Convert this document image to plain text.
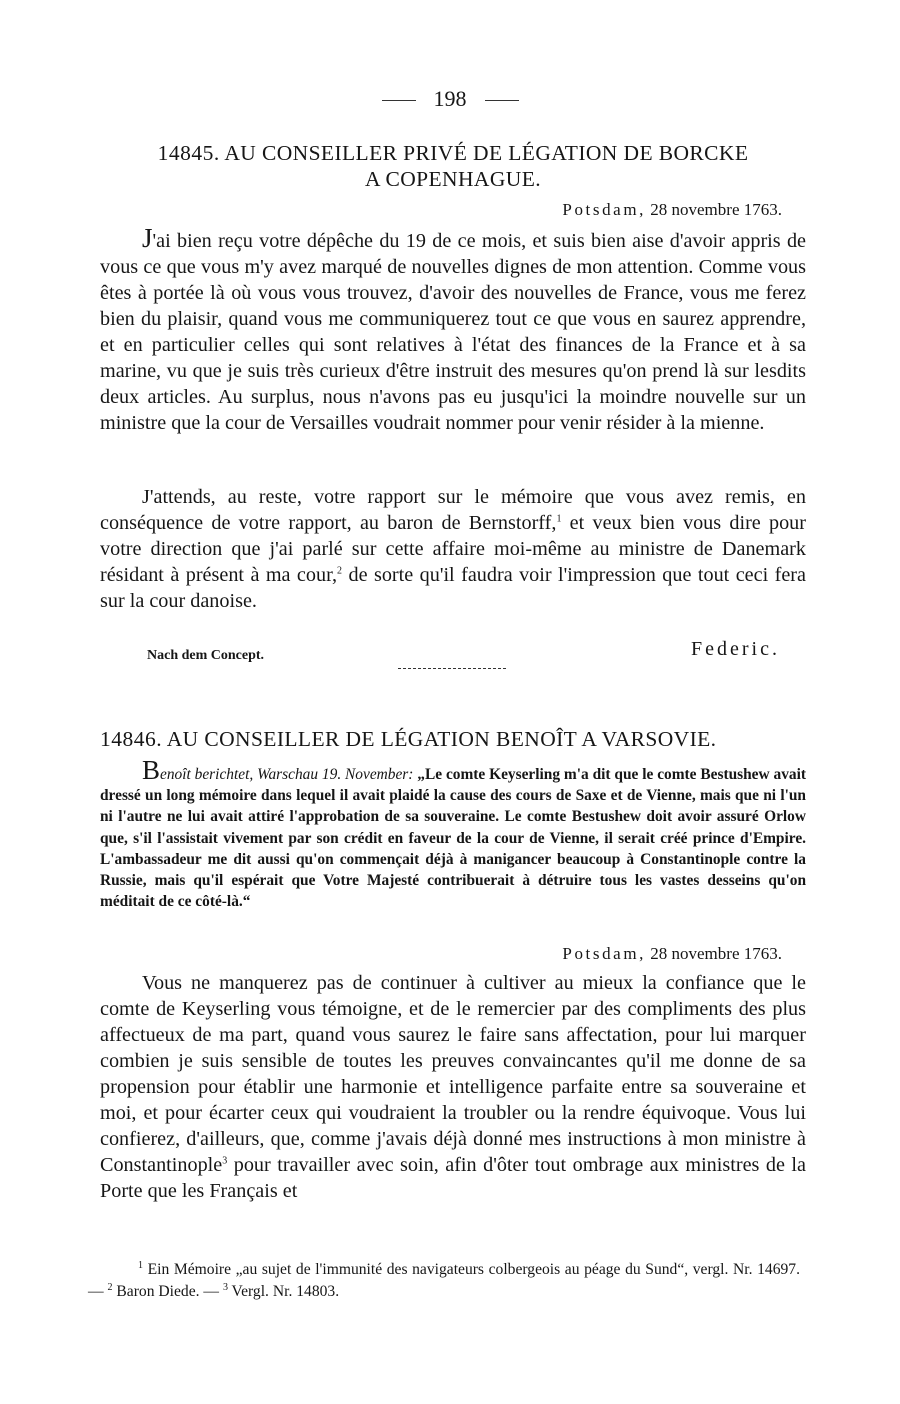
198
14845. AU CONSEILLER PRIVÉ DE LÉGATION DE BORCKE
A COPENHAGUE.
Potsdam, 28 novembre 1763.

J'ai bien reçu votre dépêche du 19 de ce mois, et suis bien aise d'avoir appris de vous ce que vous m'y avez marqué de nouvelles dignes de mon attention. Comme vous êtes à portée là où vous vous trouvez, d'avoir des nouvelles de France, vous me ferez bien du plaisir, quand vous me communiquerez tout ce que vous en saurez apprendre, et en particulier celles qui sont relatives à l'état des finances de la France et à sa marine, vu que je suis très curieux d'être instruit des mesures qu'on prend là sur lesdits deux articles. Au surplus, nous n'avons pas eu jusqu'ici la moindre nouvelle sur un ministre que la cour de Versailles voudrait nommer pour venir résider à la mienne.

J'attends, au reste, votre rapport sur le mémoire que vous avez remis, en conséquence de votre rapport, au baron de Bernstorff,$^1$ et veux bien vous dire pour votre direction que j'ai parlé sur cette affaire moi-même au ministre de Danemark résidant à présent à ma cour,$^2$ de sorte qu'il faudra voir l'impression que tout ceci fera sur la cour danoise.

Nach dem Concept.	Federic.
14846. AU CONSEILLER DE LÉGATION BENOÎT A VARSOVIE.

Benoît berichtet, Warschau 19. November: „Le comte Keyserling m'a dit que le comte Bestushew avait dressé un long mémoire dans lequel il avait plaidé la cause des cours de Saxe et de Vienne, mais que ni l'un ni l'autre ne lui avait attiré l'approbation de sa souveraine. Le comte Bestushew doit avoir assuré Orlow que, s'il l'assistait vivement par son crédit en faveur de la cour de Vienne, il serait créé prince d'Empire. L'ambassadeur me dit aussi qu'on commençait déjà à manigancer beaucoup à Constantinople contre la Russie, mais qu'il espérait que Votre Majesté contribuerait à détruire tous les vastes desseins qu'on méditait de ce côté-là.“

Potsdam, 28 novembre 1763.

Vous ne manquerez pas de continuer à cultiver au mieux la confiance que le comte de Keyserling vous témoigne, et de le remercier par des compliments des plus affectueux de ma part, quand vous saurez le faire sans affectation, pour lui marquer combien je suis sensible de toutes les preuves convaincantes qu'il me donne de sa propension pour établir une harmonie et intelligence parfaite entre sa souveraine et moi, et pour écarter ceux qui voudraient la troubler ou la rendre équivoque. Vous lui confierez, d'ailleurs, que, comme j'avais déjà donné mes instructions à mon ministre à Constantinople$^3$ pour travailler avec soin, afin d'ôter tout ombrage aux ministres de la Porte que les Français et

$^1$ Ein Mémoire „au sujet de l'immunité des navigateurs colbergeois au péage du Sund“, vergl. Nr. 14697. — $^2$ Baron Diede. — $^3$ Vergl. Nr. 14803.
